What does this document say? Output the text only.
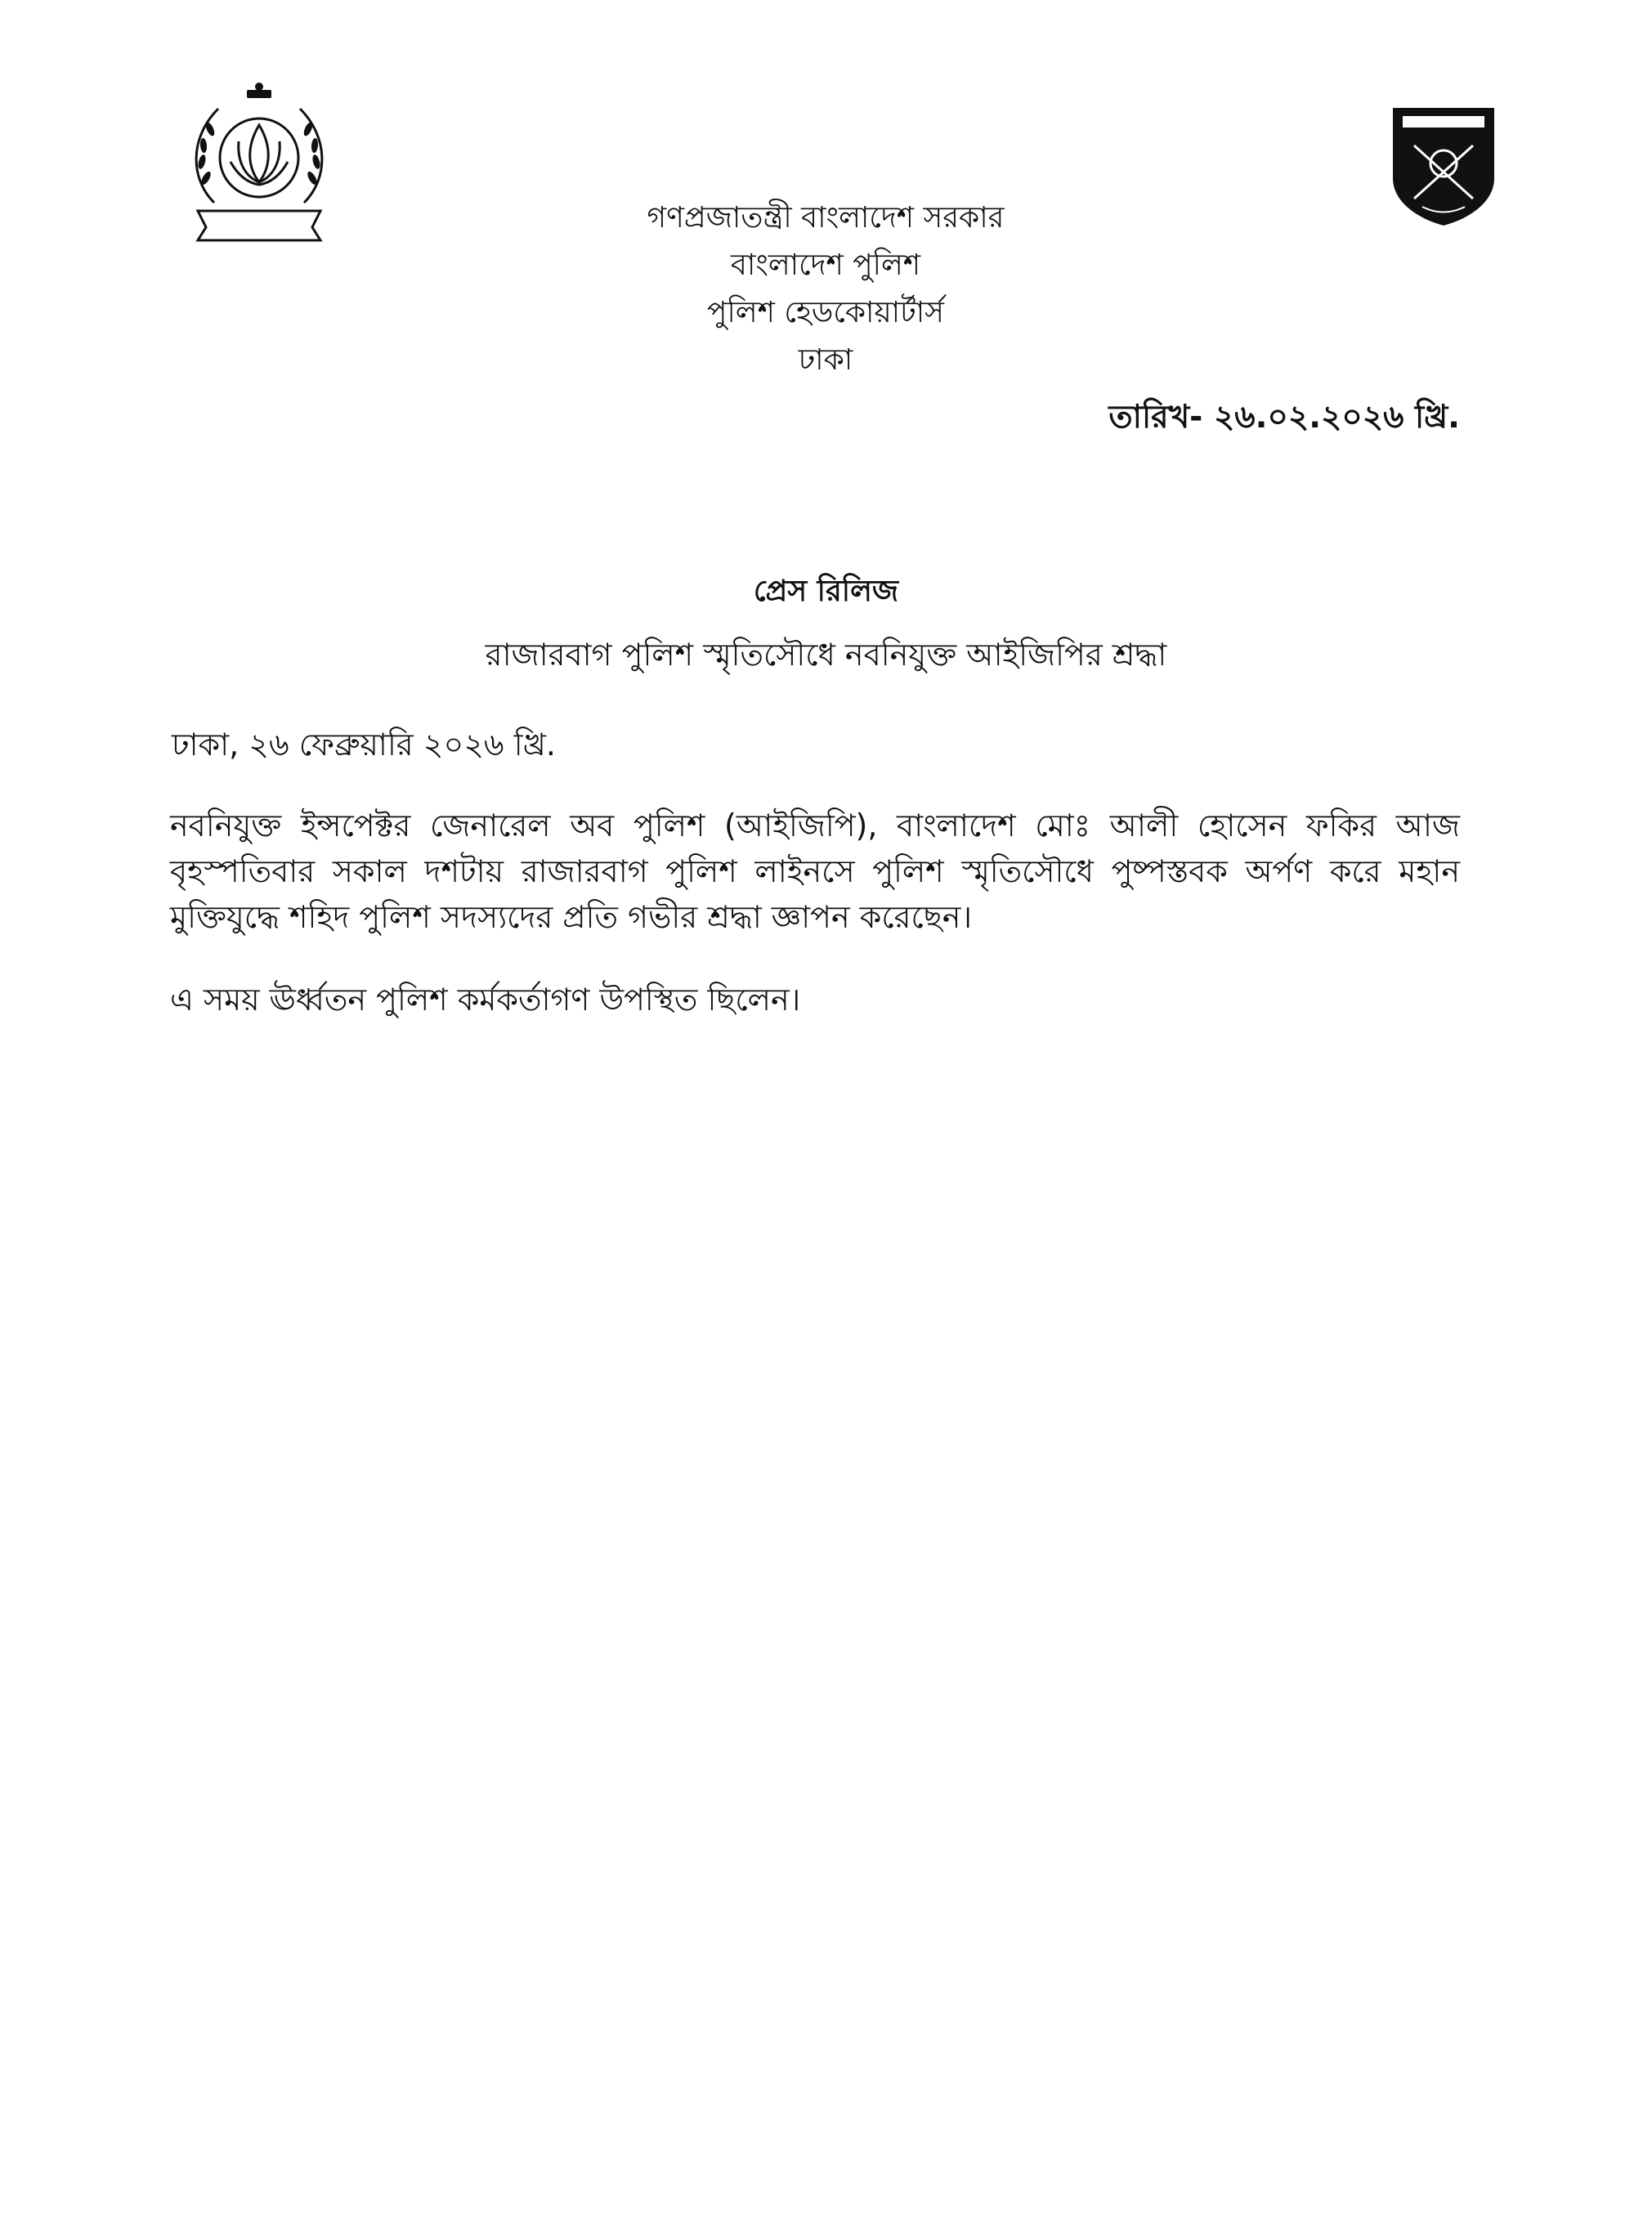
গণপ্রজাতন্ত্রী বাংলাদেশ সরকার
বাংলাদেশ পুলিশ
পুলিশ হেডকোয়ার্টার্স
ঢাকা
তারিখ- ২৬.০২.২০২৬ খ্রি.
প্রেস রিলিজ
রাজারবাগ পুলিশ স্মৃতিসৌধে নবনিযুক্ত আইজিপির শ্রদ্ধা
ঢাকা, ২৬ ফেব্রুয়ারি ২০২৬ খ্রি.
নবনিযুক্ত ইন্সপেক্টর জেনারেল অব পুলিশ (আইজিপি), বাংলাদেশ মোঃ আলী হোসেন ফকির আজ বৃহস্পতিবার সকাল দশটায় রাজারবাগ পুলিশ লাইনসে পুলিশ স্মৃতিসৌধে পুষ্পস্তবক অর্পণ করে মহান মুক্তিযুদ্ধে শহিদ পুলিশ সদস্যদের প্রতি গভীর শ্রদ্ধা জ্ঞাপন করেছেন।
এ সময় ঊর্ধ্বতন পুলিশ কর্মকর্তাগণ উপস্থিত ছিলেন।
